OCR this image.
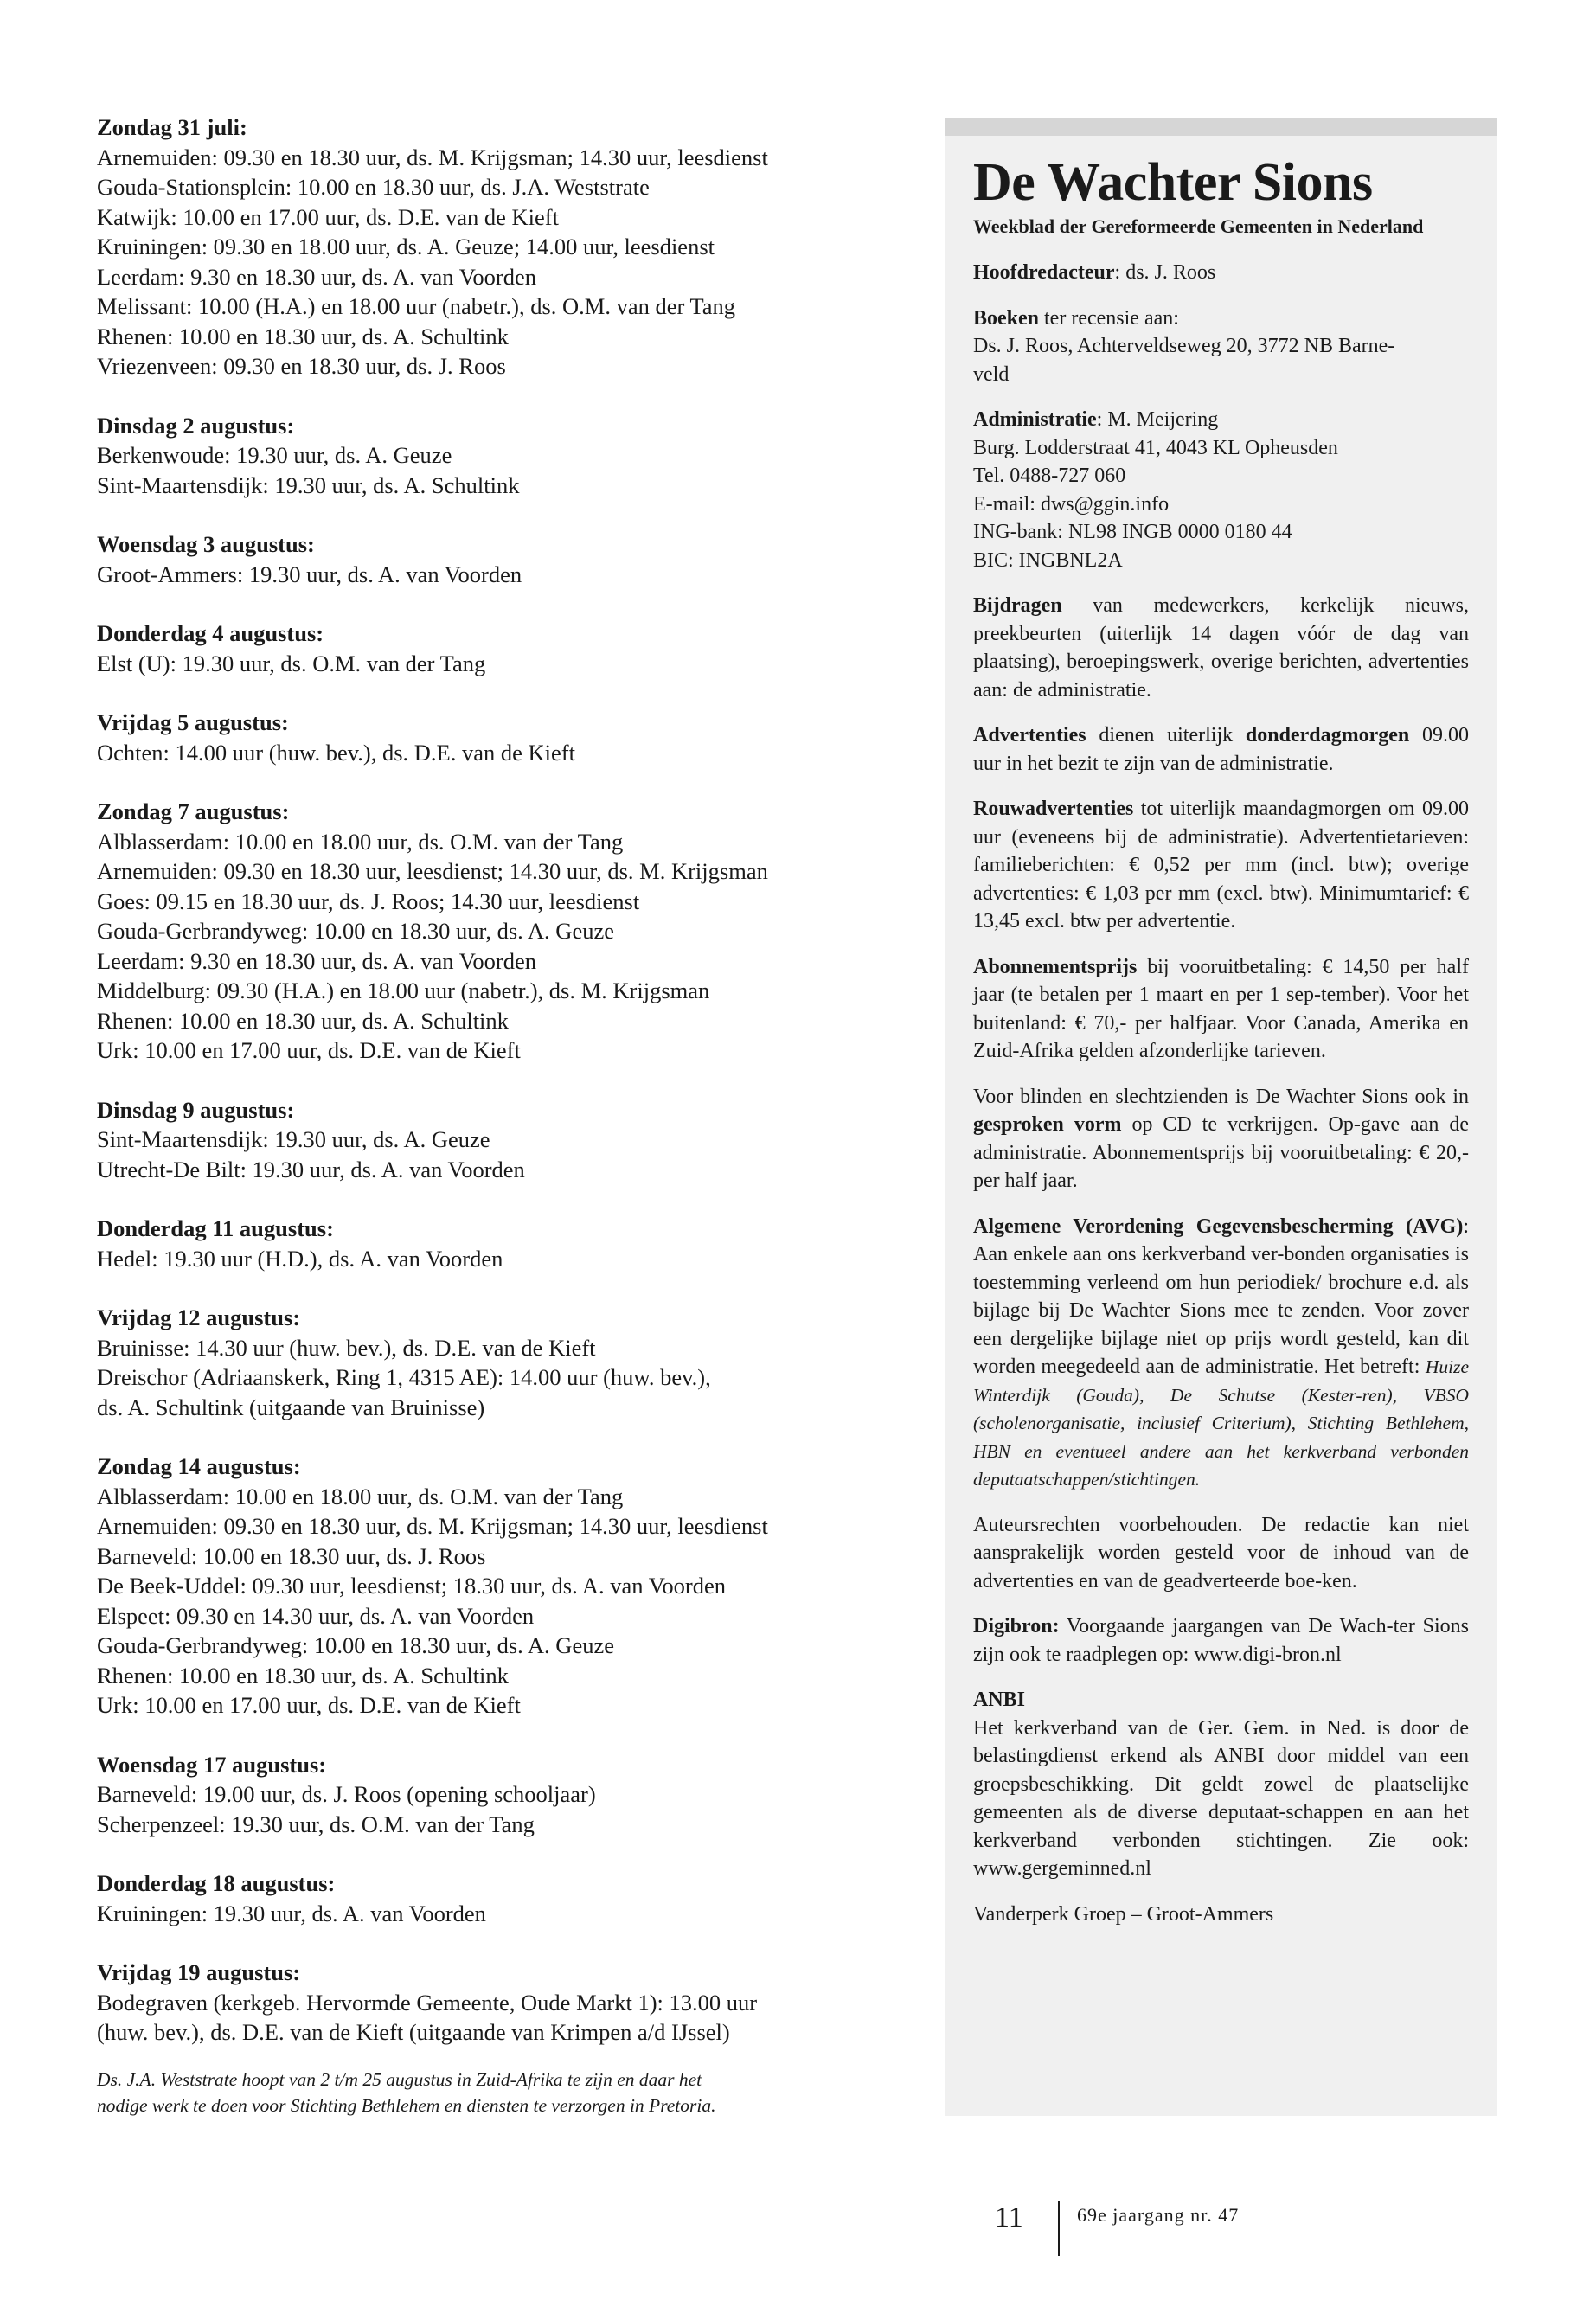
Zondag 31 juli:
Arnemuiden: 09.30 en 18.30 uur, ds. M. Krijgsman; 14.30 uur, leesdienst
Gouda-Stationsplein: 10.00 en 18.30 uur, ds. J.A. Weststrate
Katwijk: 10.00 en 17.00 uur, ds. D.E. van de Kieft
Kruiningen: 09.30 en 18.00 uur, ds. A. Geuze; 14.00 uur, leesdienst
Leerdam: 9.30 en 18.30 uur, ds. A. van Voorden
Melissant: 10.00 (H.A.) en 18.00 uur (nabetr.), ds. O.M. van der Tang
Rhenen: 10.00 en 18.30 uur, ds. A. Schultink
Vriezenveen: 09.30 en 18.30 uur, ds. J. Roos
Dinsdag 2 augustus:
Berkenwoude: 19.30 uur, ds. A. Geuze
Sint-Maartensdijk: 19.30 uur, ds. A. Schultink
Woensdag 3 augustus:
Groot-Ammers: 19.30 uur, ds. A. van Voorden
Donderdag 4 augustus:
Elst (U): 19.30 uur, ds. O.M. van der Tang
Vrijdag 5 augustus:
Ochten: 14.00 uur (huw. bev.), ds. D.E. van de Kieft
Zondag 7 augustus:
Alblasserdam: 10.00 en 18.00 uur, ds. O.M. van der Tang
Arnemuiden: 09.30 en 18.30 uur, leesdienst; 14.30 uur, ds. M. Krijgsman
Goes: 09.15 en 18.30 uur, ds. J. Roos; 14.30 uur, leesdienst
Gouda-Gerbrandyweg: 10.00 en 18.30 uur, ds. A. Geuze
Leerdam: 9.30 en 18.30 uur, ds. A. van Voorden
Middelburg: 09.30 (H.A.) en 18.00 uur (nabetr.), ds. M. Krijgsman
Rhenen: 10.00 en 18.30 uur, ds. A. Schultink
Urk: 10.00 en 17.00 uur, ds. D.E. van de Kieft
Dinsdag 9 augustus:
Sint-Maartensdijk: 19.30 uur, ds. A. Geuze
Utrecht-De Bilt: 19.30 uur, ds. A. van Voorden
Donderdag 11 augustus:
Hedel: 19.30 uur (H.D.), ds. A. van Voorden
Vrijdag 12 augustus:
Bruinisse: 14.30 uur (huw. bev.), ds. D.E. van de Kieft
Dreischor (Adriaanskerk, Ring 1, 4315 AE): 14.00 uur (huw. bev.),
ds. A. Schultink (uitgaande van Bruinisse)
Zondag 14 augustus:
Alblasserdam: 10.00 en 18.00 uur, ds. O.M. van der Tang
Arnemuiden: 09.30 en 18.30 uur, ds. M. Krijgsman; 14.30 uur, leesdienst
Barneveld: 10.00 en 18.30 uur, ds. J. Roos
De Beek-Uddel: 09.30 uur, leesdienst; 18.30 uur, ds. A. van Voorden
Elspeet: 09.30 en 14.30 uur, ds. A. van Voorden
Gouda-Gerbrandyweg: 10.00 en 18.30 uur, ds. A. Geuze
Rhenen: 10.00 en 18.30 uur, ds. A. Schultink
Urk: 10.00 en 17.00 uur, ds. D.E. van de Kieft
Woensdag 17 augustus:
Barneveld: 19.00 uur, ds. J. Roos (opening schooljaar)
Scherpenzeel: 19.30 uur, ds. O.M. van der Tang
Donderdag 18 augustus:
Kruiningen: 19.30 uur, ds. A. van Voorden
Vrijdag 19 augustus:
Bodegraven (kerkgeb. Hervormde Gemeente, Oude Markt 1): 13.00 uur
(huw. bev.), ds. D.E. van de Kieft (uitgaande van Krimpen a/d IJssel)
Ds. J.A. Weststrate hoopt van 2 t/m 25 augustus in Zuid-Afrika te zijn en daar het
nodige werk te doen voor Stichting Bethlehem en diensten te verzorgen in Pretoria.
De Wachter Sions
Weekblad der Gereformeerde Gemeenten in Nederland
Hoofdredacteur: ds. J. Roos
Boeken ter recensie aan:
Ds. J. Roos, Achterveldseweg 20, 3772 NB Barne-
veld
Administratie: M. Meijering
Burg. Lodderstraat 41, 4043 KL Opheusden
Tel. 0488-727 060
E-mail: dws@ggin.info
ING-bank: NL98 INGB 0000 0180 44
BIC: INGBNL2A
Bijdragen van medewerkers, kerkelijk nieuws, preekbeurten (uiterlijk 14 dagen vóór de dag van plaatsing), beroepingswerk, overige berichten, advertenties aan: de administratie.
Advertenties dienen uiterlijk donderdagmorgen 09.00 uur in het bezit te zijn van de administratie.
Rouwadvertenties tot uiterlijk maandagmorgen om 09.00 uur (eveneens bij de administratie). Advertentietarieven: familieberichten: € 0,52 per mm (incl. btw); overige advertenties: € 1,03 per mm (excl. btw). Minimumtarief: € 13,45 excl. btw per advertentie.
Abonnementsprijs bij vooruitbetaling: € 14,50 per half jaar (te betalen per 1 maart en per 1 sep-tember). Voor het buitenland: € 70,- per halfjaar. Voor Canada, Amerika en Zuid-Afrika gelden afzonderlijke tarieven.
Voor blinden en slechtzienden is De Wachter Sions ook in gesproken vorm op CD te verkrijgen. Op-gave aan de administratie. Abonnementsprijs bij vooruitbetaling: € 20,- per half jaar.
Algemene Verordening Gegevensbescherming (AVG): Aan enkele aan ons kerkverband ver-bonden organisaties is toestemming verleend om hun periodiek/ brochure e.d. als bijlage bij De Wachter Sions mee te zenden. Voor zover een dergelijke bijlage niet op prijs wordt gesteld, kan dit worden meegedeeld aan de administratie. Het betreft: Huize Winterdijk (Gouda), De Schutse (Kester-ren), VBSO (scholenorganisatie, inclusief Criterium), Stichting Bethlehem, HBN en eventueel andere aan het kerkverband verbonden deputaatschappen/stichtingen.
Auteursrechten voorbehouden. De redactie kan niet aansprakelijk worden gesteld voor de inhoud van de advertenties en van de geadverteerde boe-ken.
Digibron: Voorgaande jaargangen van De Wach-ter Sions zijn ook te raadplegen op: www.digi-bron.nl
ANBI
Het kerkverband van de Ger. Gem. in Ned. is door de belastingdienst erkend als ANBI door middel van een groepsbeschikking. Dit geldt zowel de plaatselijke gemeenten als de diverse deputaat-schappen en aan het kerkverband verbonden stichtingen. Zie ook: www.gergeminned.nl
Vanderperk Groep – Groot-Ammers
11	69e jaargang nr. 47
